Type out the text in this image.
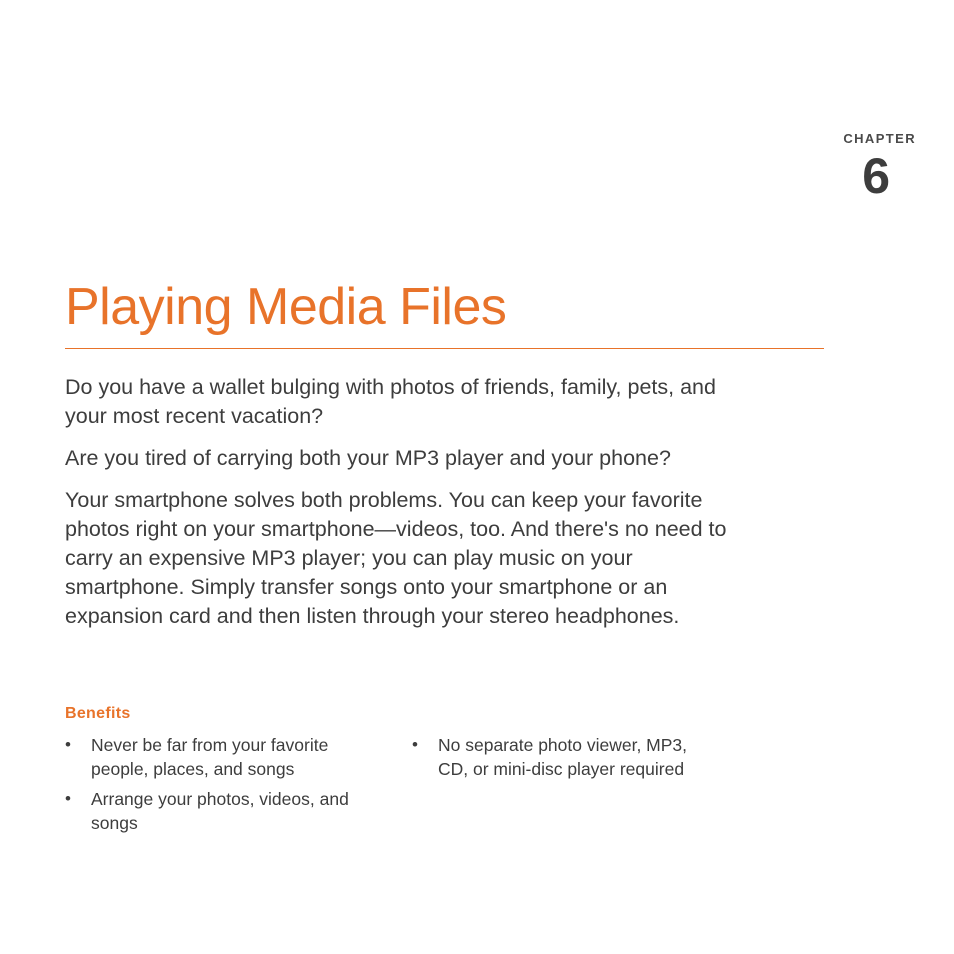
CHAPTER
6
Playing Media Files

Do you have a wallet bulging with photos of friends, family, pets, and your most recent vacation?

Are you tired of carrying both your MP3 player and your phone?

Your smartphone solves both problems. You can keep your favorite photos right on your smartphone—videos, too. And there's no need to carry an expensive MP3 player; you can play music on your smartphone. Simply transfer songs onto your smartphone or an expansion card and then listen through your stereo headphones.

Benefits
• Never be far from your favorite people, places, and songs
• Arrange your photos, videos, and songs
• No separate photo viewer, MP3, CD, or mini-disc player required
